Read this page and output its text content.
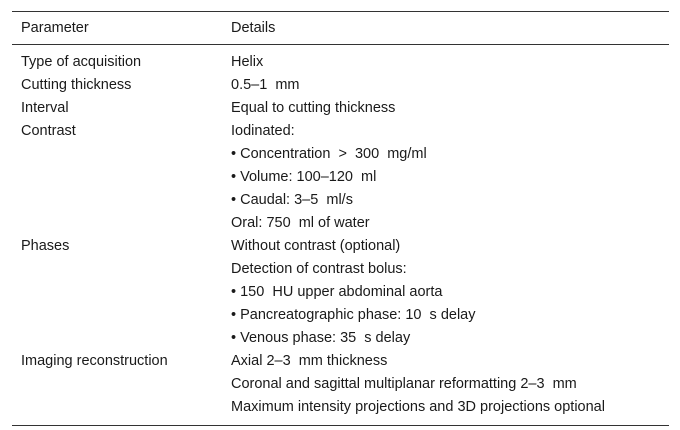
Parameter	Details

Type of acquisition	Helix

Cutting thickness	0.5–1  mm

Interval	Equal to cutting thickness

Contrast	Iodinated:
• Concentration  >  300  mg/ml
• Volume: 100–120  ml
• Caudal: 3–5  ml/s
Oral: 750  ml of water

Phases	Without contrast (optional)
Detection of contrast bolus:
• 150  HU upper abdominal aorta
• Pancreatographic phase: 10  s delay
• Venous phase: 35  s delay

Imaging reconstruction	Axial 2–3  mm thickness
Coronal and sagittal multiplanar reformatting 2–3  mm
Maximum intensity projections and 3D projections optional
